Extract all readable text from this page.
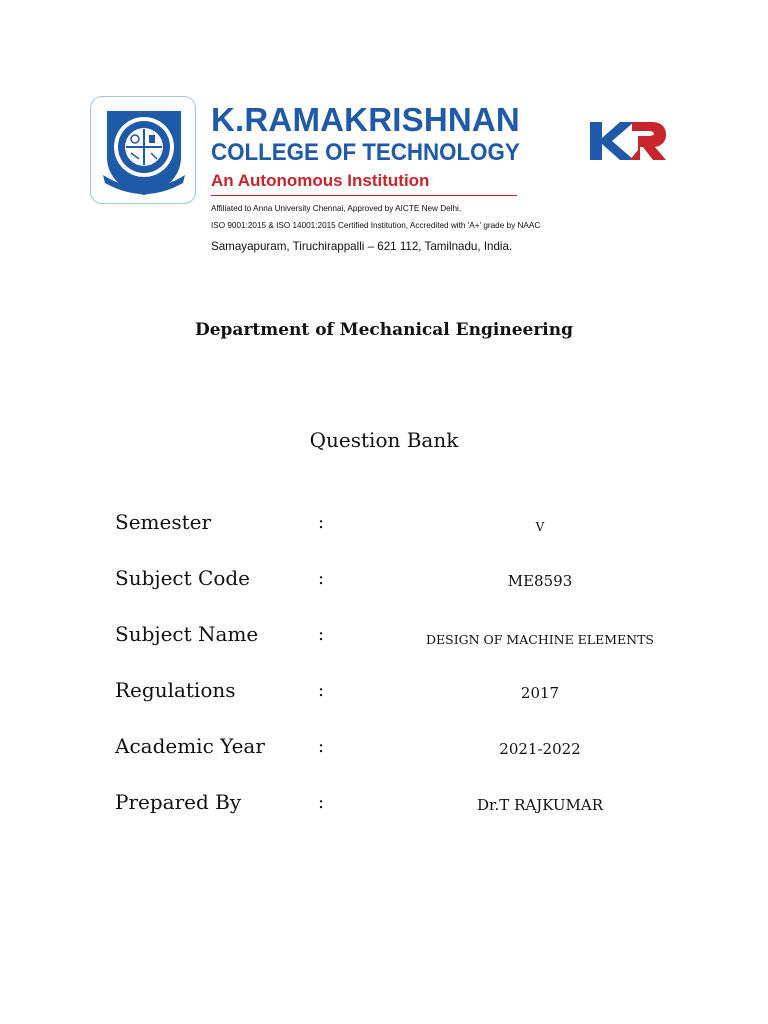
K.RAMAKRISHNAN
COLLEGE OF TECHNOLOGY
An Autonomous Institution
Affiliated to Anna University Chennai, Approved by AICTE New Delhi,
ISO 9001:2015 & ISO 14001:2015 Certified Institution, Accredited with 'A+' grade by NAAC
Samayapuram, Tiruchirappalli – 621 112, Tamilnadu, India.
Department of Mechanical Engineering
Question Bank
Semester	:	V
Subject Code	:	ME8593
Subject Name	:	DESIGN OF MACHINE ELEMENTS
Regulations	:	2017
Academic Year	:	2021-2022
Prepared By	:	Dr.T RAJKUMAR
